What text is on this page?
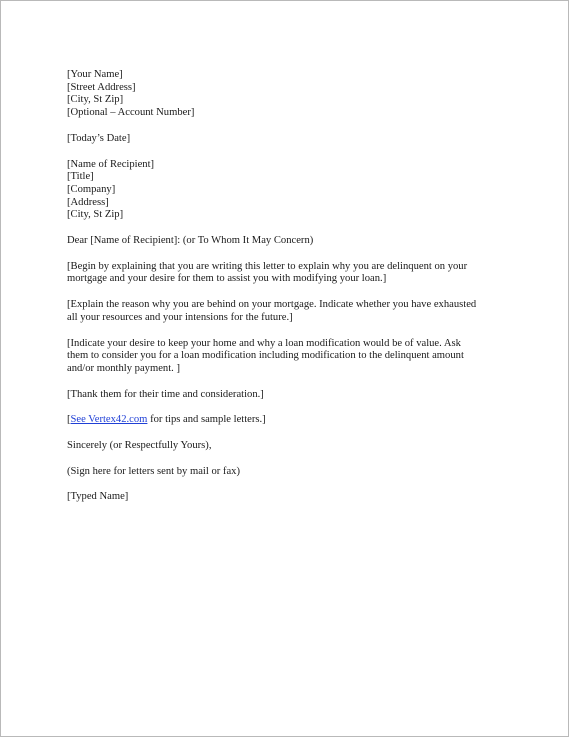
[Your Name]
[Street Address]
[City, St Zip]
[Optional – Account Number]
[Today’s Date]
[Name of Recipient]
[Title]
[Company]
[Address]
[City, St Zip]
Dear [Name of Recipient]: (or To Whom It May Concern)
[Begin by explaining that you are writing this letter to explain why you are delinquent on your
mortgage and your desire for them to assist you with modifying your loan.]
[Explain the reason why you are behind on your mortgage. Indicate whether you have exhausted
all your resources and your intensions for the future.]
[Indicate your desire to keep your home and why a loan modification would be of value. Ask
them to consider you for a loan modification including modification to the delinquent amount
and/or monthly payment. ]
[Thank them for their time and consideration.]
[See Vertex42.com for tips and sample letters.]
Sincerely (or Respectfully Yours),
(Sign here for letters sent by mail or fax)
[Typed Name]
